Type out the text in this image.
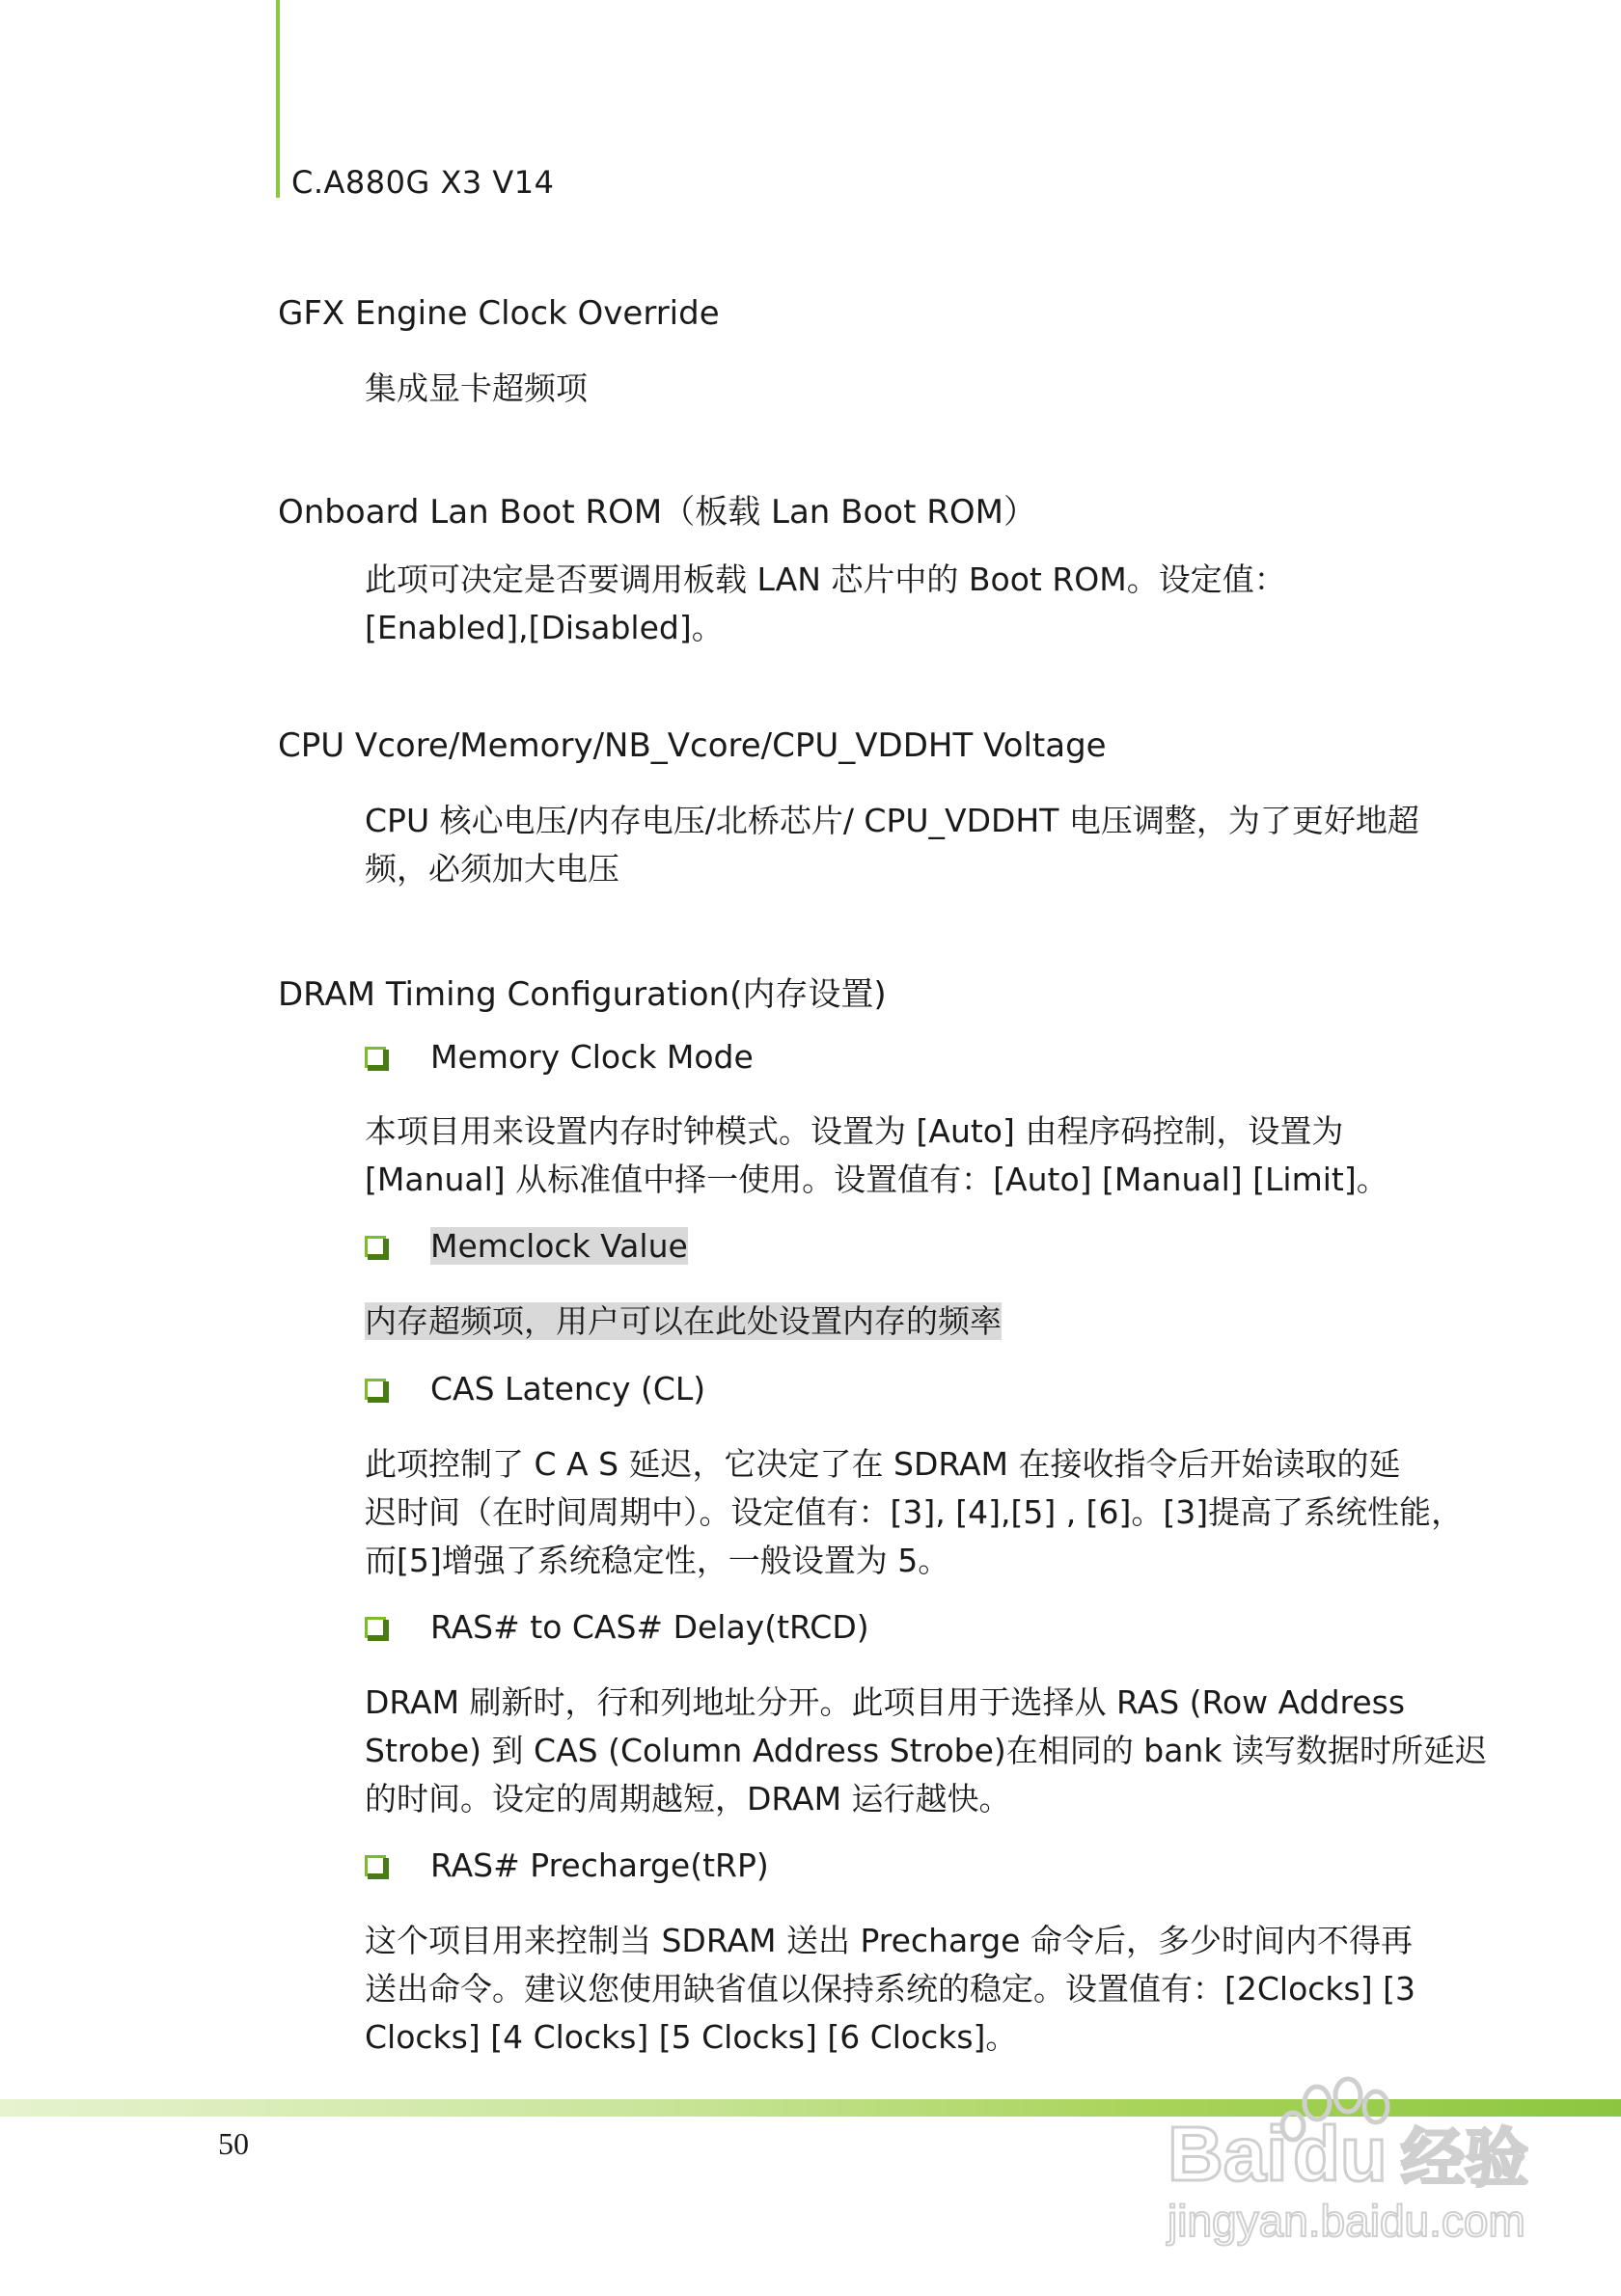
C.A880G X3 V14
GFX Engine Clock Override
集成显卡超频项
Onboard Lan Boot ROM（板载 Lan Boot ROM）
此项可决定是否要调用板载 LAN 芯片中的 Boot ROM。设定值：
[Enabled],[Disabled]。
CPU Vcore/Memory/NB_Vcore/CPU_VDDHT Voltage
CPU 核心电压/内存电压/北桥芯片/ CPU_VDDHT 电压调整，为了更好地超
频，必须加大电压
DRAM Timing Configuration(内存设置)
Memory Clock Mode
本项目用来设置内存时钟模式。设置为 [Auto] 由程序码控制，设置为
[Manual] 从标准值中择一使用。设置值有：[Auto] [Manual] [Limit]。
Memclock Value
内存超频项，用户可以在此处设置内存的频率
CAS Latency (CL)
此项控制了 C A S 延迟，它决定了在 SDRAM 在接收指令后开始读取的延
迟时间（在时间周期中）。设定值有：[3], [4],[5] , [6]。[3]提高了系统性能，
而[5]增强了系统稳定性，一般设置为 5。
RAS# to CAS# Delay(tRCD)
DRAM 刷新时，行和列地址分开。此项目用于选择从 RAS (Row Address
Strobe) 到 CAS (Column Address Strobe)在相同的 bank 读写数据时所延迟
的时间。设定的周期越短，DRAM 运行越快。
RAS# Precharge(tRP)
这个项目用来控制当 SDRAM 送出 Precharge 命令后，多少时间内不得再
送出命令。建议您使用缺省值以保持系统的稳定。设置值有：[2Clocks] [3
Clocks] [4 Clocks] [5 Clocks] [6 Clocks]。
50	Bai du 经验
jingyan.baidu.com
